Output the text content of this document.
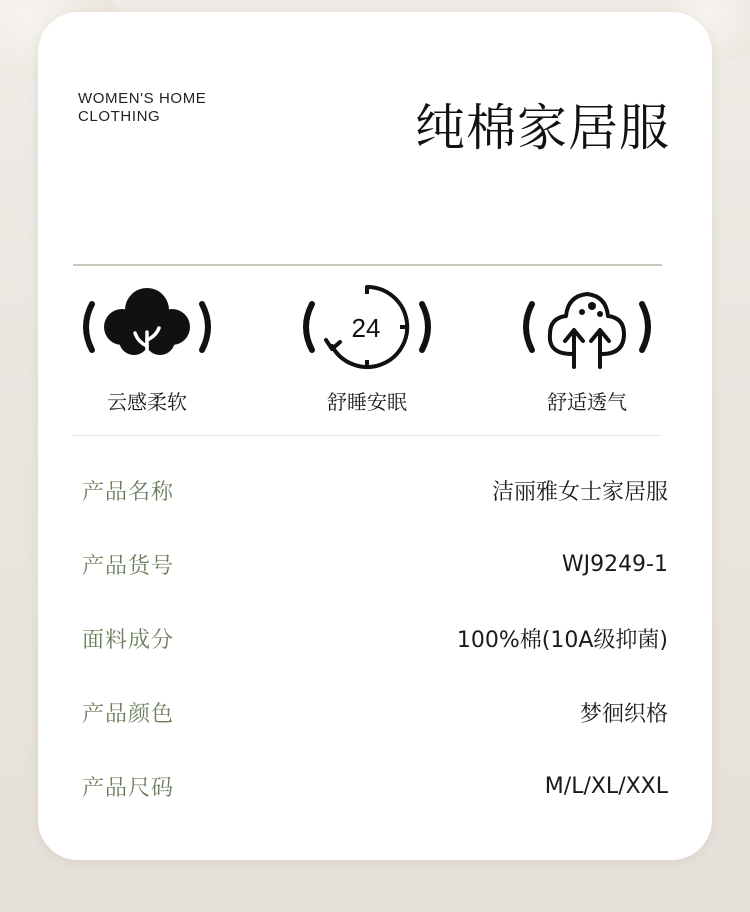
WOMEN'S HOME
CLOTHING	纯棉家居服
云感柔软
24
舒睡安眠	舒适透气
产品名称	洁丽雅女士家居服
产品货号	WJ9249-1
面料成分	100%棉(10A级抑菌)
产品颜色	梦徊织格
产品尺码	M/L/XL/XXL
